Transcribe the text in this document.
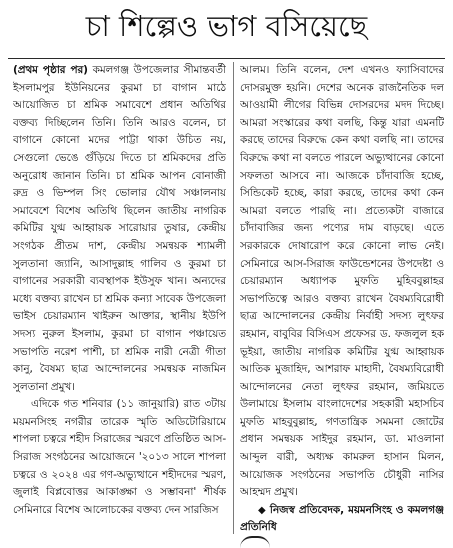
চা শিল্পেও ভাগ বসিয়েছে

(প্রথম পৃষ্ঠার পর) কমলগঞ্জ উপজেলার সীমান্তবর্তী ইসলামপুর ইউনিয়নের কুরমা চা বাগান মাঠে আয়োজিত চা শ্রমিক সমাবেশে প্রধান অতিথির বক্তব্য দিচ্ছিলেন তিনি। তিনি আরও বলেন, চা বাগানে কোনো মদের পাট্টা থাকা উচিত নয়, সেগুলো ভেঙে গুঁড়িয়ে দিতে চা শ্রমিকদের প্রতি অনুরোধ জানান তিনি। চা শ্রমিক আপন বোনাজী রুদ্র ও ভিম্পল সিং ভোলার যৌথ সঞ্চালনায় সমাবেশে বিশেষ অতিথি ছিলেন জাতীয় নাগরিক কমিটির যুগ্ম আহ্বায়ক সারোয়ার তুষার, কেন্দ্রীয় সংগঠক প্রীতম দাশ, কেন্দ্রীয় সমন্বয়ক শ্যামলী সুলতানা জ্যানি, আসাদুল্লাহ গালিব ও কুরমা চা বাগানের সরকারী ব্যবস্থাপক ইউসুফ খান। অন্যদের মধ্যে বক্তব্য রাখেন চা শ্রমিক কন্যা সাবেক উপজেলা ভাইস চেয়ারম্যান খাইরুন আক্তার, স্থানীয় ইউপি সদস্য নুরুল ইসলাম, কুরমা চা বাগান পঞ্চায়েত সভাপতি নরেশ পাশী, চা শ্রমিক নারী নেত্রী গীতা কানু, বৈষম্য ছাত্র আন্দোলনের সমন্বয়ক নাজমিন সুলতানা প্রমুখ।

এদিকে গত শনিবার (১১ জানুয়ারি) রাত ৩টায় ময়মনসিংহ নগরীর তারেক স্মৃতি অডিটোরিয়ামে শাপলা চত্বরে শহীদ সিরাজের স্মরণে প্রতিষ্ঠিত আস-সিরাজ সংগঠনের আয়োজনে '২০১৩ সালে শাপলা চত্বরে ও ২০২৪ এর গণ-অভ্যুত্থানে শহীদদের স্মরণ, জুলাই বিপ্লবোত্তর আকাঙ্ক্ষা ও সম্ভাবনা' শীর্ষক সেমিনারে বিশেষ আলোচকের বক্তব্য দেন সারজিস

আলম। তিনি বলেন, দেশ এখনও ফ্যাসিবাদের দোসরমুক্ত হয়নি। দেশের অনেক রাজনৈতিক দল আওয়ামী লীগের বিভিন্ন দোসরদের মদদ দিচ্ছে। আমরা সংস্কারের কথা বলছি, কিন্তু যারা এমনটি করছে তাদের বিরুদ্ধে কেন কথা বলছি না। তাদের বিরুদ্ধে কথা না বলতে পারলে অভ্যুত্থানের কোনো সফলতা আসবে না। আজকে চাঁদাবাজি হচ্ছে, সিন্ডিকেট হচ্ছে, কারা করছে, তাদের কথা কেন আমরা বলতে পারছি না। প্রত্যেকটা বাজারে চাঁদাবাজির জন্য পণ্যের দাম বাড়ছে। এতে সরকারকে দোষারোপ করে কোনো লাভ নেই। সেমিনারে আস-সিরাজ ফাউন্ডেশনের উপদেষ্টা ও চেয়ারম্যান অধ্যাপক মুফতি মুহিববুল্লাহর সভাপতিত্বে আরও বক্তব্য রাখেন বৈষম্যবিরোধী ছাত্র আন্দোলনের কেন্দ্রীয় নির্বাহী সদস্য লুৎফর রহমান, বাবুবির বিসিএস প্রফেসর ড. ফজলুল হক ভূইয়া, জাতীয় নাগরিক কমিটির যুগ্ম আহ্বায়ক আতিক মুজাহিদ, আশরাফ মাহাদী, বৈষম্যবিরোধী আন্দোলনের নেতা লুৎফর রহমান, জমিয়তে উলামায়ে ইসলাম বাংলাদেশের সহকারী মহাসচিব মুফতি মাহবুবুল্লাহ, গণতান্ত্রিক সমমনা জোটের প্রধান সমন্বয়ক সাইদুর রহমান, ডা. মাওলানা আব্দুল বারী, অধ্যক্ষ কামরুল হাসান মিলন, আয়োজক সংগঠনের সভাপতি চৌধুরী নাসির আহম্মদ প্রমুখ।

◆ নিজস্ব প্রতিবেদক, ময়মনসিংহ ও কমলগঞ্জ প্রতিনিধি
